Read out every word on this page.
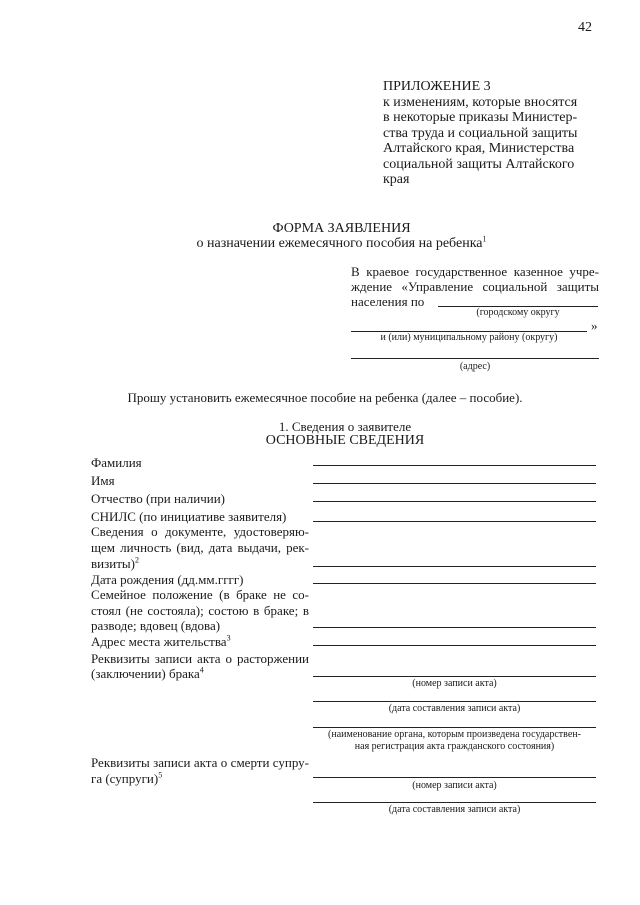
42
ПРИЛОЖЕНИЕ 3
к изменениям, которые вносятся
в некоторые приказы Министер-
ства труда и социальной защиты
Алтайского края, Министерства
социальной защиты Алтайского
края
ФОРМА ЗАЯВЛЕНИЯ
о назначении ежемесячного пособия на ребенка$^1$
В краевое государственное казенное учре-
ждение «Управление социальной защиты
населения по
(городскому округу
»
и (или) муниципальному району (округу)
(адрес)
Прошу установить ежемесячное пособие на ребенка (далее – пособие).
1. Сведения о заявителе
ОСНОВНЫЕ СВЕДЕНИЯ
Фамилия
Имя
Отчество (при наличии)
СНИЛС (по инициативе заявителя)
Сведения о документе, удостоверяю-
щем личность (вид, дата выдачи, рек-
визиты)$^2$
Дата рождения (дд.мм.гггг)
Семейное положение (в браке не со-
стоял (не состояла); состою в браке; в
разводе; вдовец (вдова)
Адрес места жительства$^3$
Реквизиты записи акта о расторжении
(заключении) брака$^4$
(номер записи акта)
(дата составления записи акта)
(наименование органа, которым произведена государствен-
ная регистрация акта гражданского состояния)
Реквизиты записи акта о смерти супру-
га (супруги)$^5$
(номер записи акта)
(дата составления записи акта)
